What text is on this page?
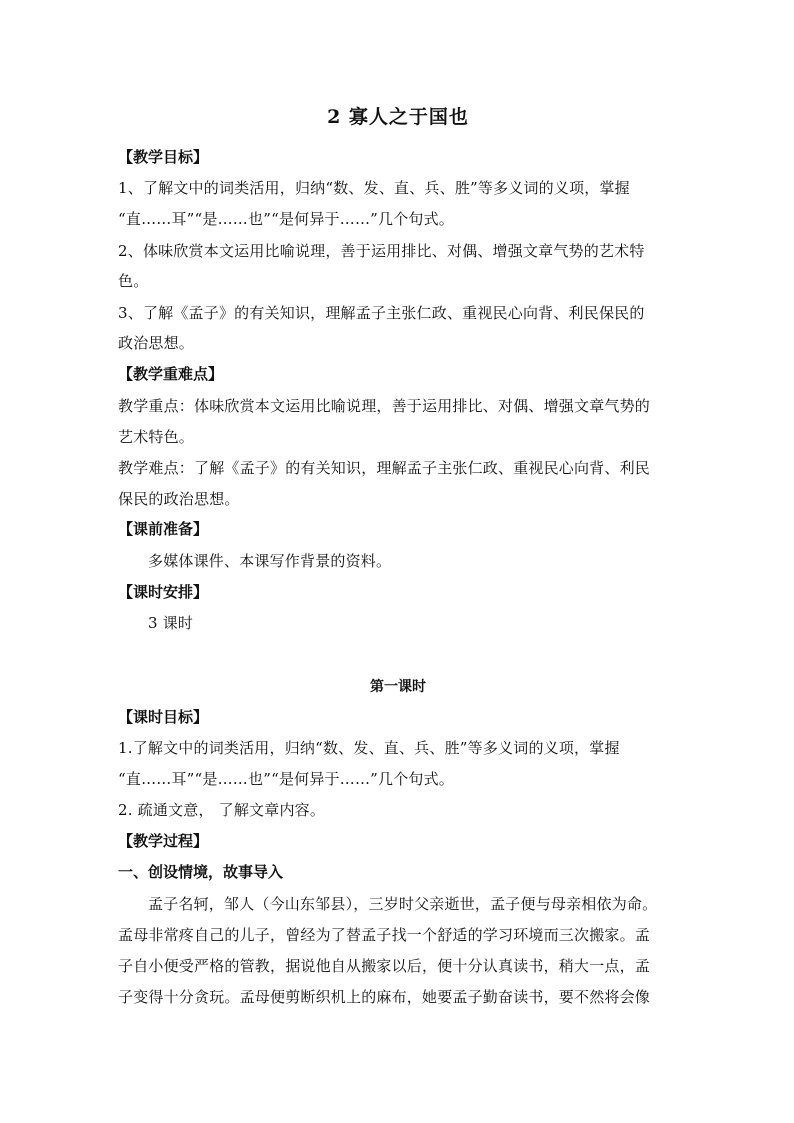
2 寡人之于国也
【教学目标】
1、了解文中的词类活用，归纳“数、发、直、兵、胜”等多义词的义项，掌握
“直……耳”“是……也”“是何异于……”几个句式。
2、体味欣赏本文运用比喻说理，善于运用排比、对偶、增强文章气势的艺术特
色。
3、了解《孟子》的有关知识，理解孟子主张仁政、重视民心向背、利民保民的
政治思想。
【教学重难点】
教学重点：体味欣赏本文运用比喻说理，善于运用排比、对偶、增强文章气势的
艺术特色。
教学难点：了解《孟子》的有关知识，理解孟子主张仁政、重视民心向背、利民
保民的政治思想。
【课前准备】
多媒体课件、本课写作背景的资料。
【课时安排】
3 课时
第一课时
【课时目标】
1.了解文中的词类活用，归纳“数、发、直、兵、胜”等多义词的义项，掌握
“直……耳”“是……也”“是何异于……”几个句式。
2. 疏通文意， 了解文章内容。
【教学过程】
一、创设情境，故事导入
孟子名轲，邹人（今山东邹县），三岁时父亲逝世，孟子便与母亲相依为命。
孟母非常疼自己的儿子，曾经为了替孟子找一个舒适的学习环境而三次搬家。孟
子自小便受严格的管教，据说他自从搬家以后，便十分认真读书，稍大一点，孟
子变得十分贪玩。孟母便剪断织机上的麻布，她要孟子勤奋读书，要不然将会像
